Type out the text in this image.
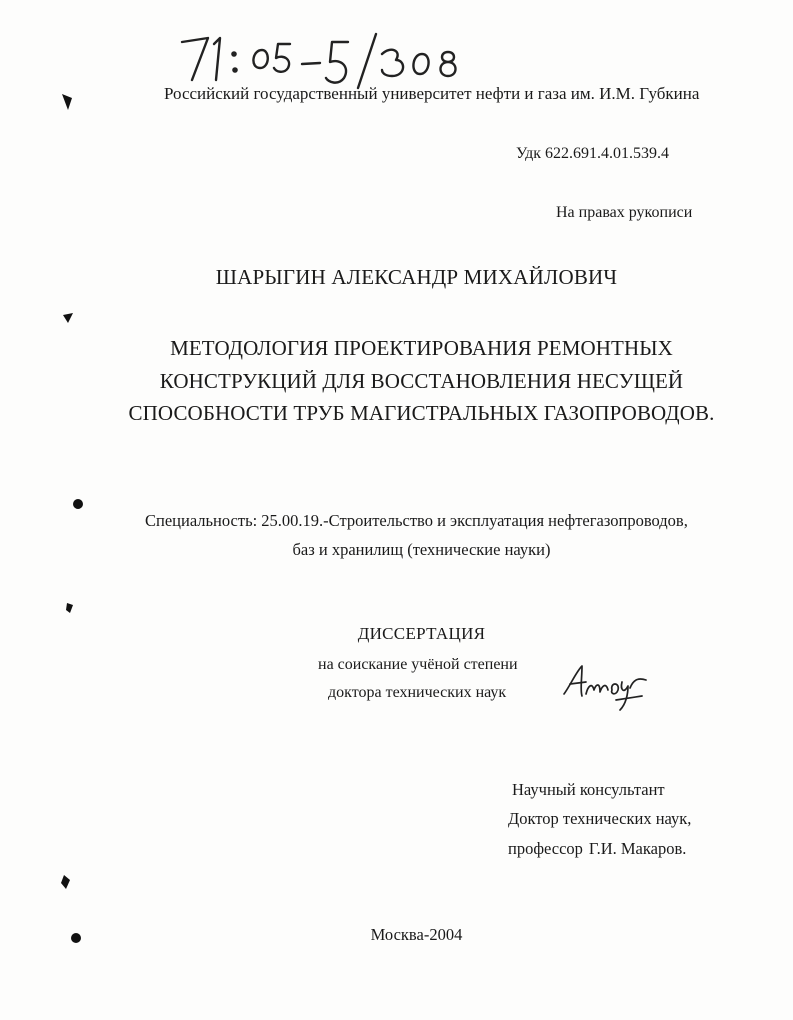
Российский государственный университет нефти и газа им. И.М. Губкина
Удк 622.691.4.01.539.4
На правах рукописи
ШАРЫГИН АЛЕКСАНДР МИХАЙЛОВИЧ
МЕТОДОЛОГИЯ ПРОЕКТИРОВАНИЯ РЕМОНТНЫХ
КОНСТРУКЦИЙ ДЛЯ ВОССТАНОВЛЕНИЯ НЕСУЩЕЙ
СПОСОБНОСТИ ТРУБ МАГИСТРАЛЬНЫХ ГАЗОПРОВОДОВ.
Специальность: 25.00.19.-Строительство и эксплуатация нефтегазопроводов,
баз и хранилищ (технические науки)
ДИССЕРТАЦИЯ
на соискание учёной степени
доктора технических наук
Научный консультант
Доктор технических наук,
профессор Г.И. Макаров.
Москва-2004
